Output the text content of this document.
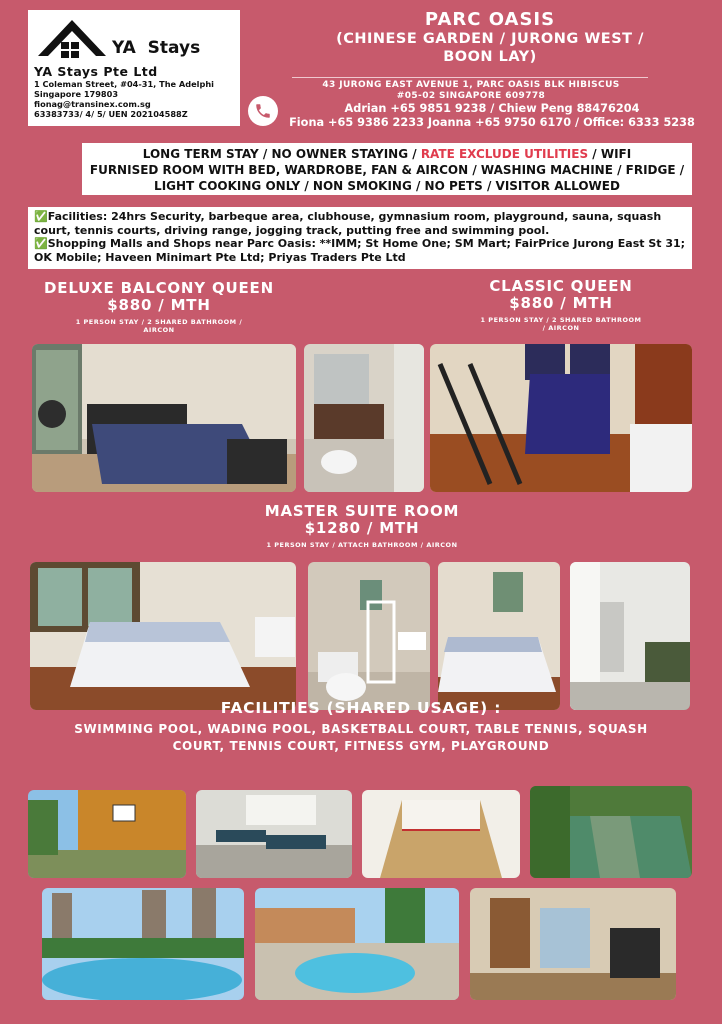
YA  Stays
YA Stays Pte Ltd
1 Coleman Street, #04-31, The Adelphi
Singapore 179803
fionag@transinex.com.sg
63383733/ 4/ 5/ UEN 202104588Z
PARC OASIS
(CHINESE GARDEN / JURONG WEST /
BOON LAY)
43 JURONG EAST AVENUE 1, PARC OASIS BLK HIBISCUS
#05-02 SINGAPORE 609778
Adrian +65 9851 9238 / Chiew Peng 88476204
Fiona +65 9386 2233 Joanna +65 9750 6170 / Office: 6333 5238
LONG TERM STAY / NO OWNER STAYING / RATE EXCLUDE UTILITIES / WIFI
FURNISED ROOM WITH BED, WARDROBE, FAN & AIRCON / WASHING MACHINE / FRIDGE /
LIGHT COOKING ONLY / NON SMOKING / NO PETS / VISITOR ALLOWED
✅Facilities: 24hrs Security, barbeque area, clubhouse, gymnasium room, playground, sauna, squash court, tennis courts, driving range, jogging track, putting free and swimming pool.
✅Shopping Malls and Shops near Parc Oasis: **IMM; St Home One; SM Mart; FairPrice Jurong East St 31; OK Mobile; Haveen Minimart Pte Ltd; Priyas Traders Pte Ltd
DELUXE BALCONY QUEEN
$880 / MTH
1 PERSON STAY / 2 SHARED BATHROOM /
AIRCON
CLASSIC QUEEN
$880 / MTH
1 PERSON STAY / 2 SHARED BATHROOM
/ AIRCON
MASTER SUITE ROOM
$1280 / MTH
1 PERSON STAY / ATTACH BATHROOM / AIRCON
FACILITIES (SHARED USAGE) :
SWIMMING POOL, WADING POOL, BASKETBALL COURT, TABLE TENNIS, SQUASH
COURT, TENNIS COURT, FITNESS GYM, PLAYGROUND
